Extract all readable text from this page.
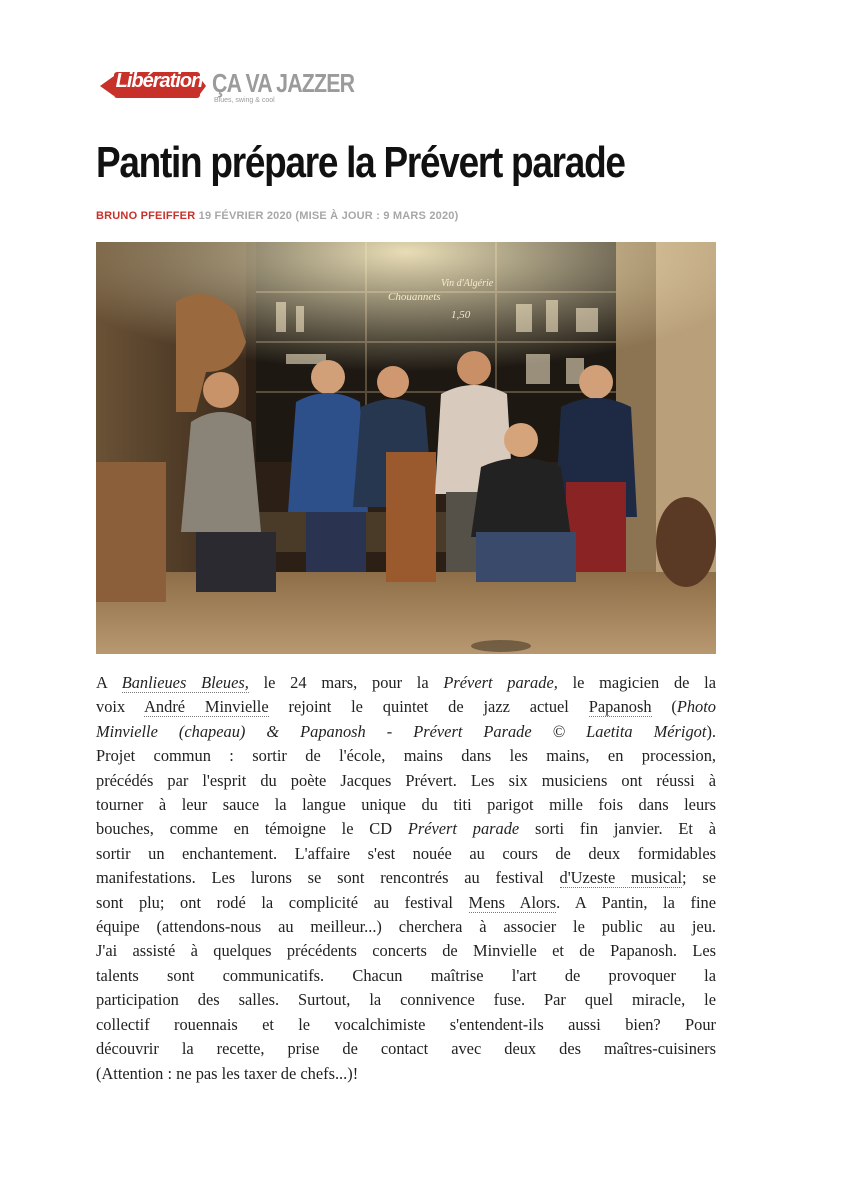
Libération ÇA VA JAZZER
Blues, swing & cool
Pantin prépare la Prévert parade
BRUNO PFEIFFER 19 FÉVRIER 2020 (MISE À JOUR : 9 MARS 2020)
A Banlieues Bleues, le 24 mars, pour la Prévert parade, le magicien de la
voix André Minvielle rejoint le quintet de jazz actuel Papanosh (Photo
Minvielle (chapeau) & Papanosh - Prévert Parade © Laetita Mérigot).
Projet commun : sortir de l'école, mains dans les mains, en procession,
précédés par l'esprit du poète Jacques Prévert. Les six musiciens ont réussi à
tourner à leur sauce la langue unique du titi parigot mille fois dans leurs
bouches, comme en témoigne le CD Prévert parade sorti fin janvier. Et à
sortir un enchantement. L'affaire s'est nouée au cours de deux formidables
manifestations. Les lurons se sont rencontrés au festival d'Uzeste musical; se
sont plu; ont rodé la complicité au festival Mens Alors. A Pantin, la fine
équipe (attendons-nous au meilleur...) cherchera à associer le public au jeu.
J'ai assisté à quelques précédents concerts de Minvielle et de Papanosh. Les
talents sont communicatifs. Chacun maîtrise l'art de provoquer la
participation des salles. Surtout, la connivence fuse. Par quel miracle, le
collectif rouennais et le vocalchimiste s'entendent-ils aussi bien? Pour
découvrir la recette, prise de contact avec deux des maîtres-cuisiners
(Attention : ne pas les taxer de chefs...)!
